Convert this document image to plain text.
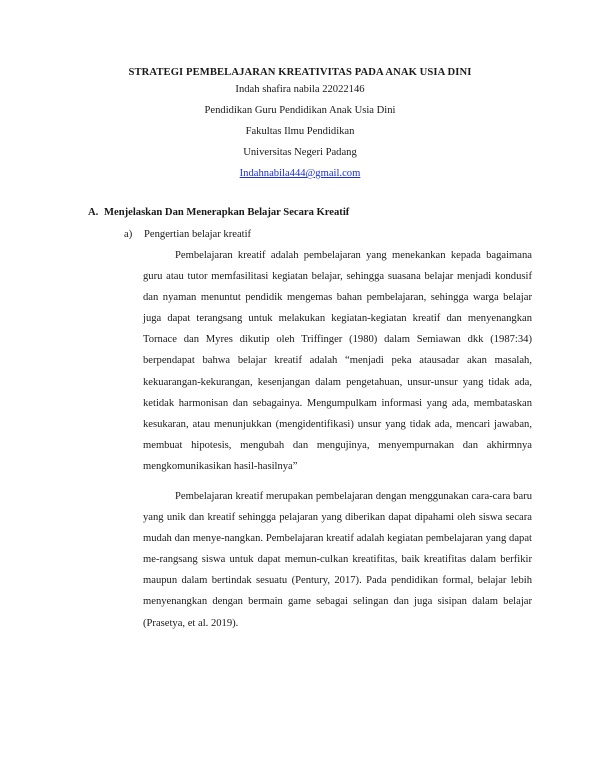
STRATEGI PEMBELAJARAN KREATIVITAS PADA ANAK USIA DINI

Indah shafira nabila 22022146

Pendidikan Guru Pendidikan Anak Usia Dini

Fakultas Ilmu Pendidikan

Universitas Negeri Padang

Indahnabila444@gmail.com

A. Menjelaskan Dan Menerapkan Belajar Secara Kreatif

a) Pengertian belajar kreatif

Pembelajaran kreatif adalah pembelajaran yang menekankan kepada bagaimana guru atau tutor memfasilitasi kegiatan belajar, sehingga suasana belajar menjadi kondusif dan nyaman menuntut pendidik mengemas bahan pembelajaran, sehingga warga belajar juga dapat terangsang untuk melakukan kegiatan-kegiatan kreatif dan menyenangkan Tornace dan Myres dikutip oleh Triffinger (1980) dalam Semiawan dkk (1987:34) berpendapat bahwa belajar kreatif adalah “menjadi peka atausadar akan masalah, kekuarangan-kekurangan, kesenjangan dalam pengetahuan, unsur-unsur yang tidak ada, ketidak harmonisan dan sebagainya. Mengumpulkam informasi yang ada, membataskan kesukaran, atau menunjukkan (mengidentifikasi) unsur yang tidak ada, mencari jawaban, membuat hipotesis, mengubah dan mengujinya, menyempurnakan dan akhirmnya mengkomunikasikan hasil-hasilnya”

Pembelajaran kreatif merupakan pembelajaran dengan menggunakan cara-cara baru yang unik dan kreatif sehingga pelajaran yang diberikan dapat dipahami oleh siswa secara mudah dan menye-nangkan. Pembelajaran kreatif adalah kegiatan pembelajaran yang dapat me-rangsang siswa untuk dapat memun-culkan kreatifitas, baik kreatifitas dalam berfikir maupun dalam bertindak sesuatu (Pentury, 2017). Pada pendidikan formal, belajar lebih menyenangkan dengan bermain game sebagai selingan dan juga sisipan dalam belajar (Prasetya, et al. 2019).
